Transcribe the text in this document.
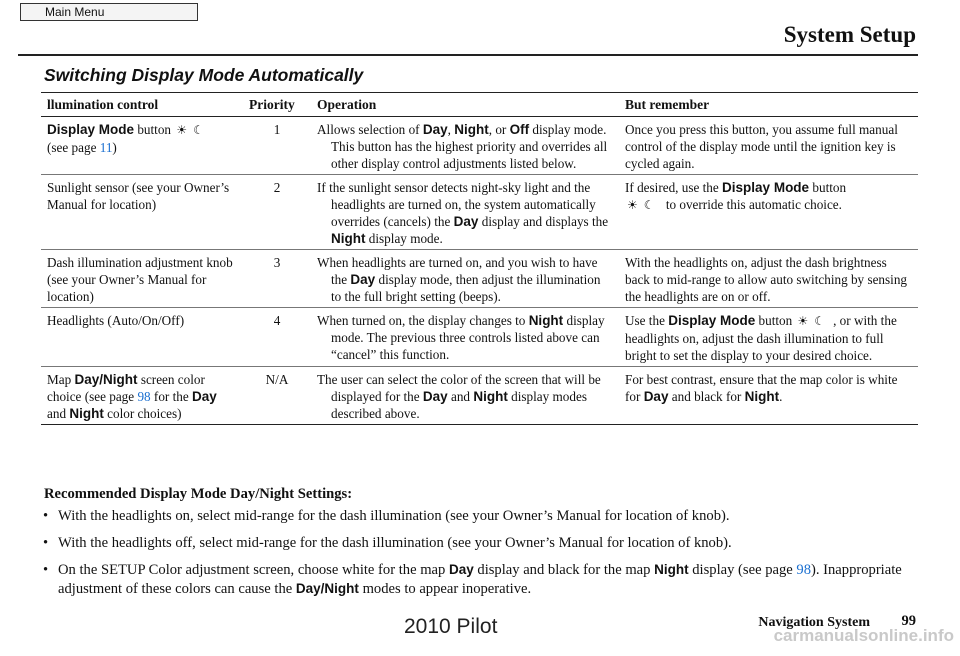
Main Menu
System Setup
Switching Display Mode Automatically
llumination control	Priority	Operation	But remember
Display Mode button ☀☾
(see page 11)	1	Allows selection of Day, Night, or Off display mode. This button has the highest priority and overrides all other display control adjustments listed below.	Once you press this button, you assume full manual control of the display mode until the ignition key is cycled again.
Sunlight sensor (see your Owner’s Manual for location)	2	If the sunlight sensor detects night-sky light and the headlights are turned on, the system automatically overrides (cancels) the Day display and displays the Night display mode.	If desired, use the Display Mode button
☀☾ to override this automatic choice.
Dash illumination adjustment knob (see your Owner’s Manual for location)	3	When headlights are turned on, and you wish to have the Day display mode, then adjust the illumination to the full bright setting (beeps).	With the headlights on, adjust the dash brightness back to mid-range to allow auto switching by sensing the headlights are on or off.
Headlights (Auto/On/Off)	4	When turned on, the display changes to Night display mode. The previous three controls listed above can “cancel” this function.	Use the Display Mode button ☀☾ , or with the headlights on, adjust the dash illumination to full bright to set the display to your desired choice.
Map Day/Night screen color choice (see page 98 for the Day and Night color choices)	N/A	The user can select the color of the screen that will be displayed for the Day and Night display modes described above.	For best contrast, ensure that the map color is white for Day and black for Night.
Recommended Display Mode Day/Night Settings:
• With the headlights on, select mid-range for the dash illumination (see your Owner’s Manual for location of knob).
• With the headlights off, select mid-range for the dash illumination (see your Owner’s Manual for location of knob).
• On the SETUP Color adjustment screen, choose white for the map Day display and black for the map Night display (see page 98). Inappropriate adjustment of these colors can cause the Day/Night modes to appear inoperative.
2010 Pilot	Navigation System 99
carmanualsonline.info
